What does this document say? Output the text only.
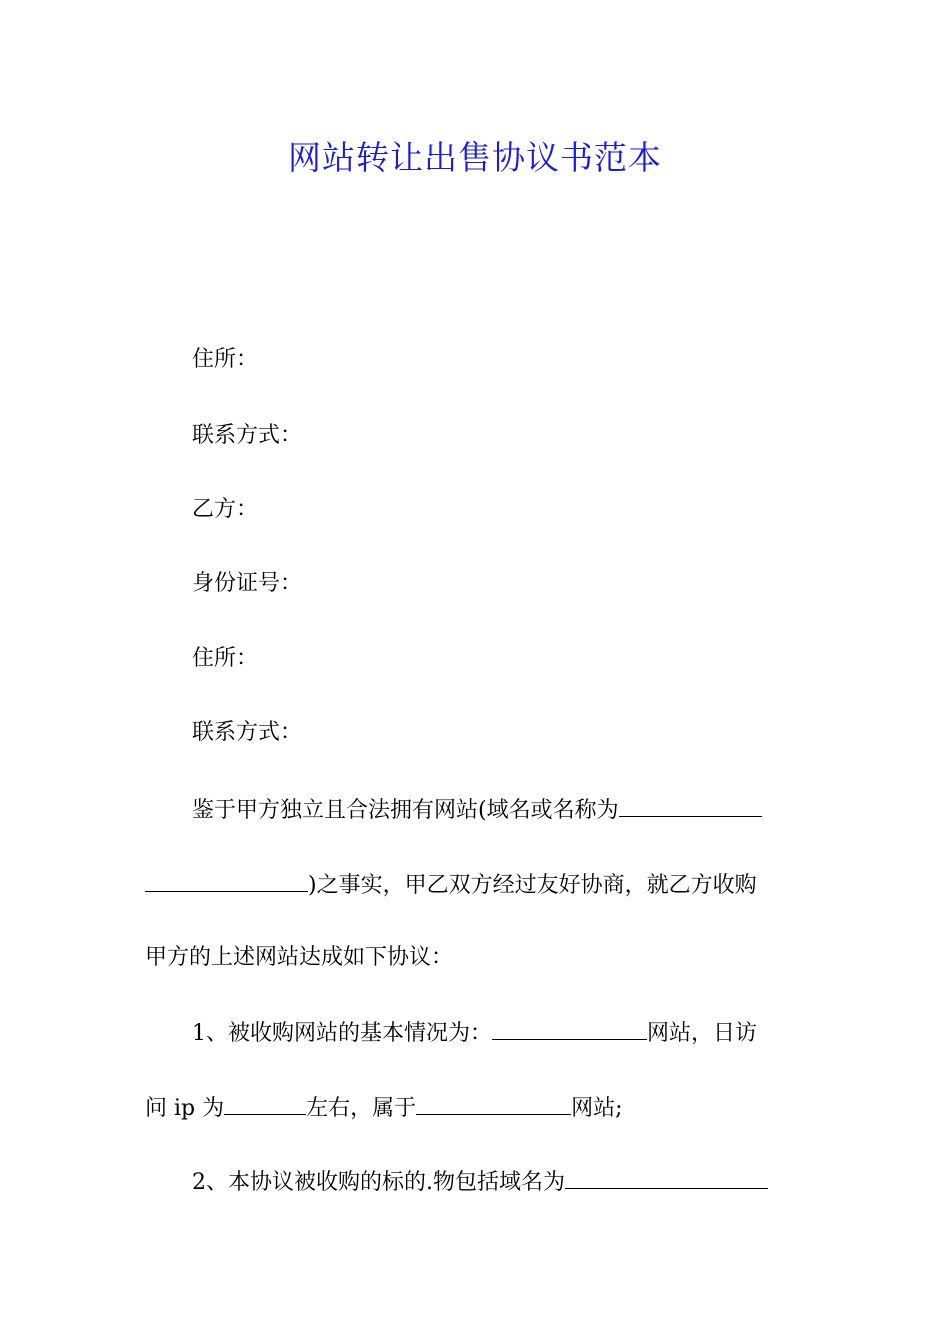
网站转让出售协议书范本
住所：
联系方式：
乙方：
身份证号：
住所：
联系方式：
鉴于甲方独立且合法拥有网站(域名或名称为
)之事实，甲乙双方经过友好协商，就乙方收购
甲方的上述网站达成如下协议：
1、被收购网站的基本情况为：	网站，日访
问 ip 为	左右，属于	网站;
2、本协议被收购的标的.物包括域名为
